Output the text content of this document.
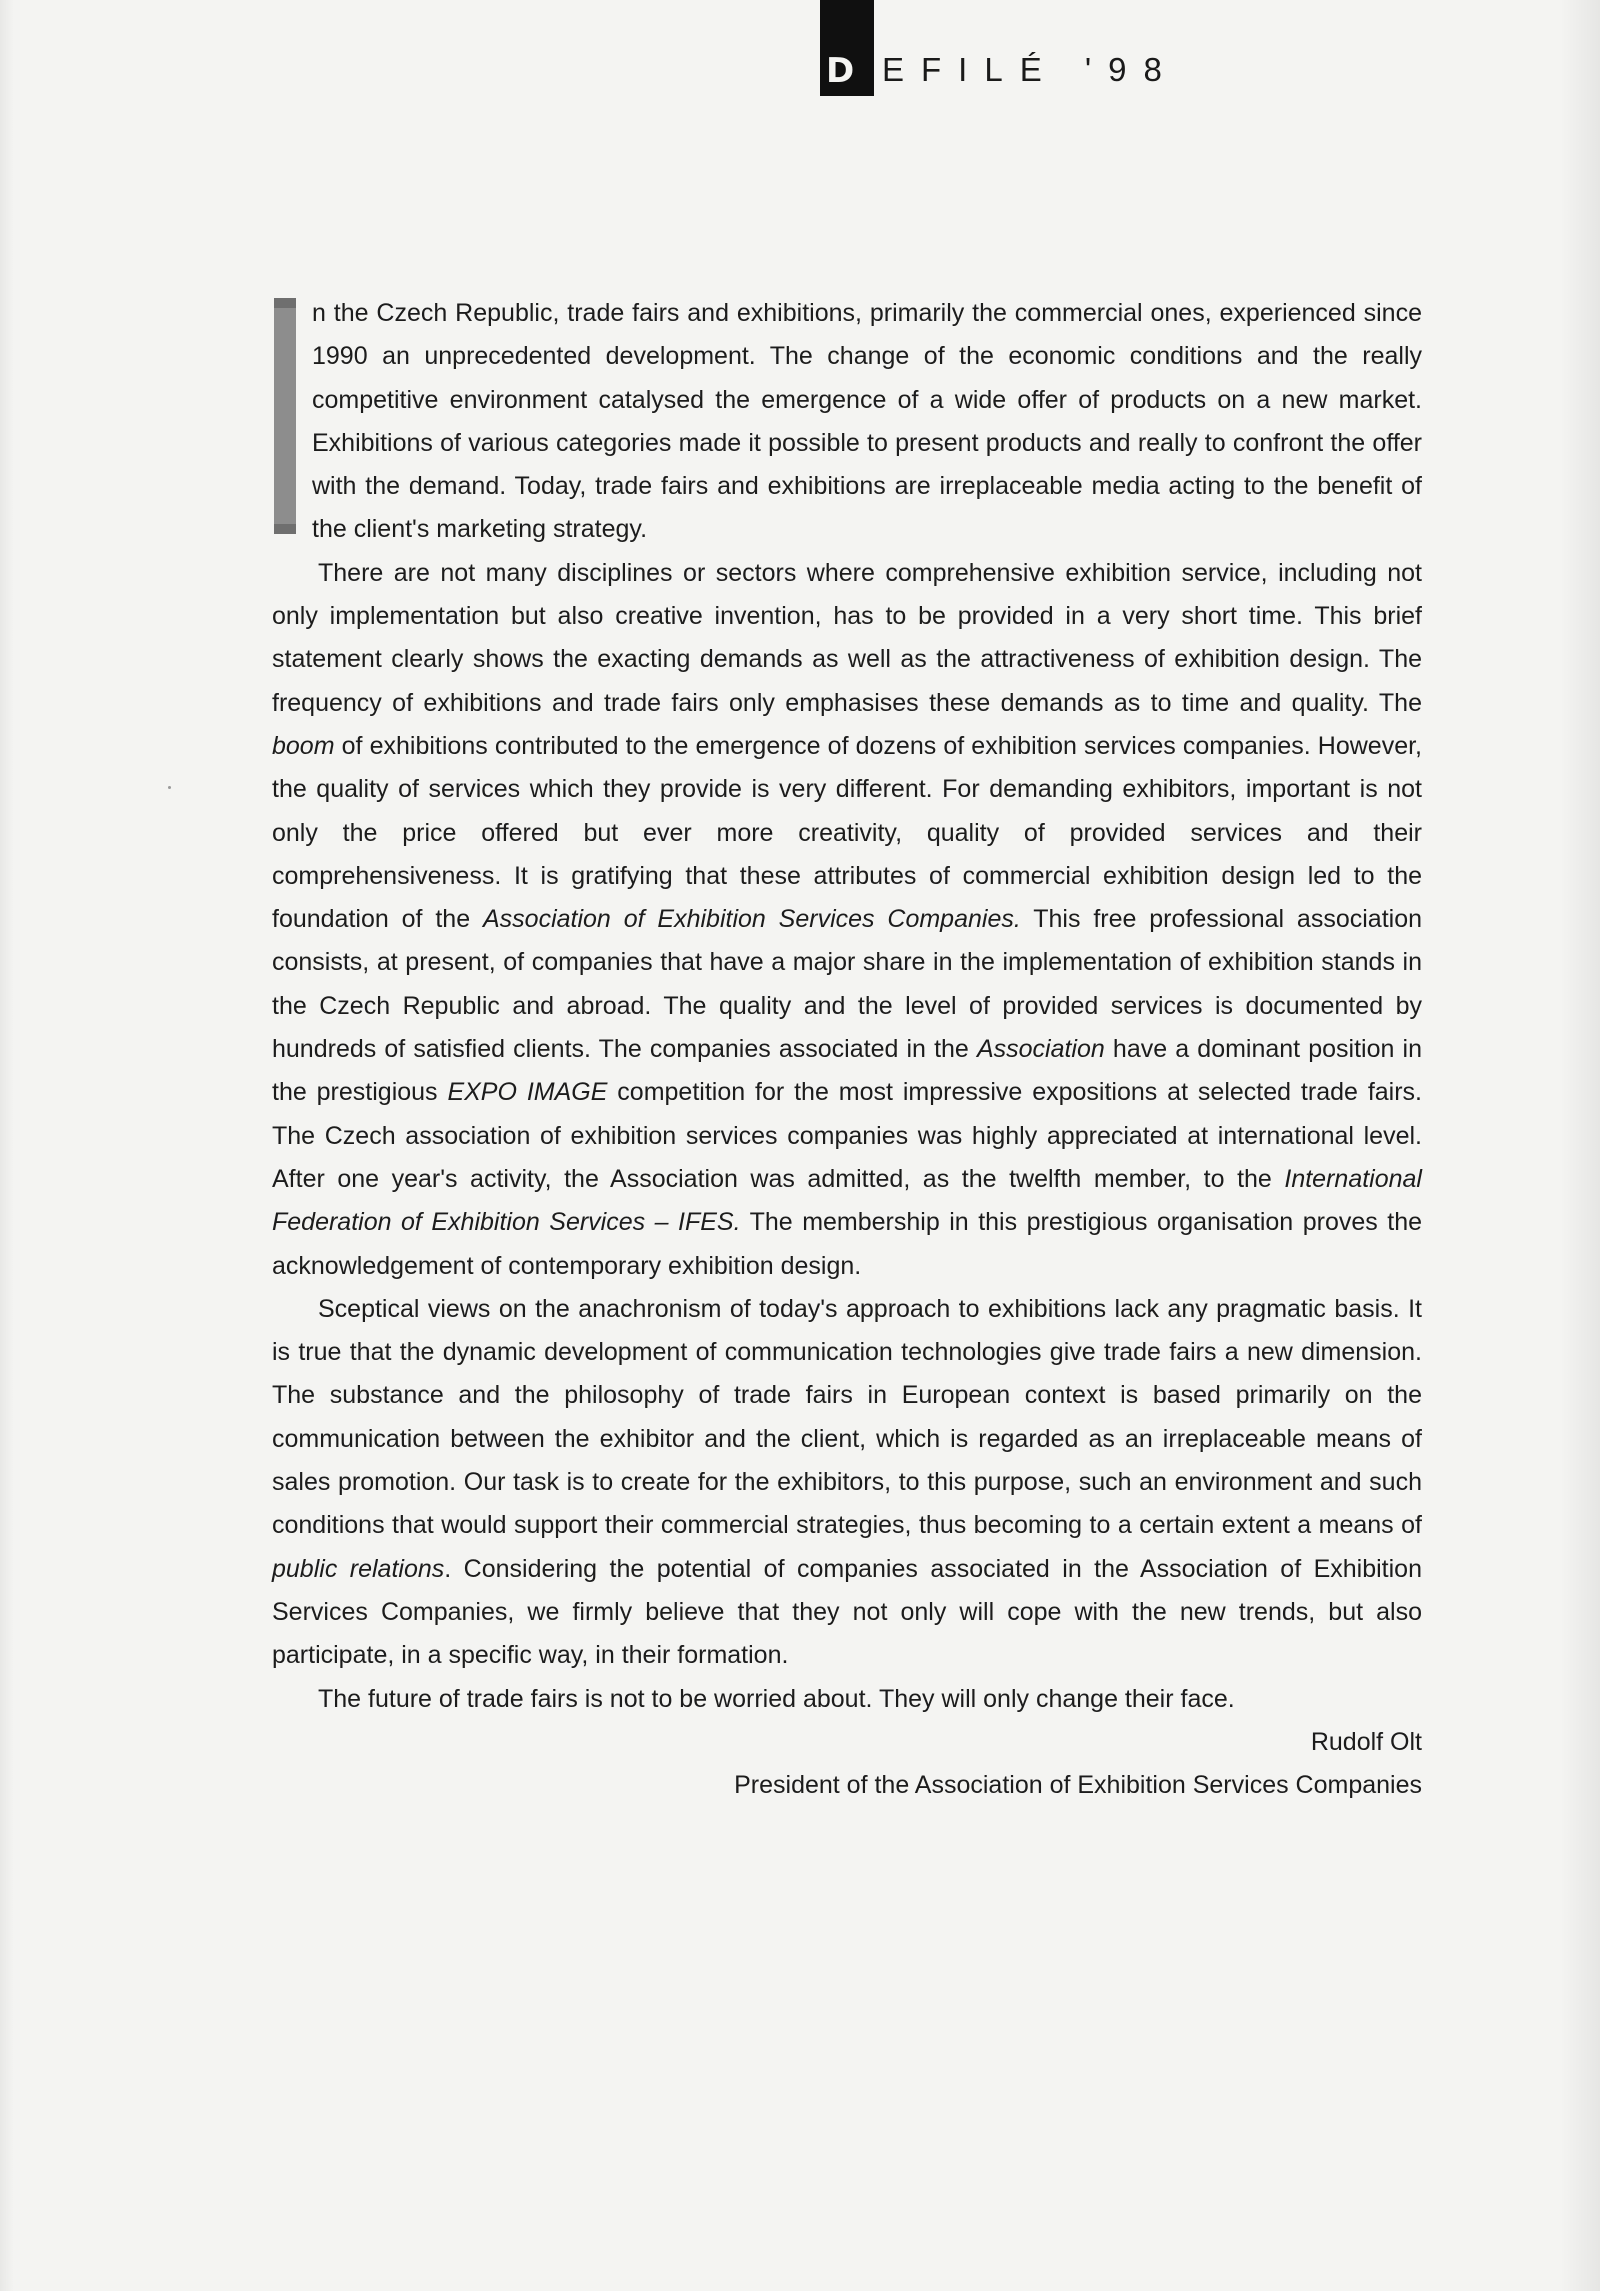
D EFILÉ '98

n the Czech Republic, trade fairs and exhibitions, primarily the commercial ones, experienced since 1990 an unprecedented development. The change of the economic conditions and the really competitive environment catalysed the emergence of a wide offer of products on a new market. Exhibitions of various categories made it possible to present products and really to confront the offer with the demand. Today, trade fairs and exhibitions are irreplaceable media acting to the benefit of the client's marketing strategy.

There are not many disciplines or sectors where comprehensive exhibition service, including not only implementation but also creative invention, has to be provided in a very short time. This brief statement clearly shows the exacting demands as well as the attractiveness of exhibition design. The frequency of exhibitions and trade fairs only emphasises these demands as to time and quality. The boom of exhibitions contributed to the emergence of dozens of exhibition services companies. However, the quality of services which they provide is very different. For demanding exhibitors, important is not only the price offered but ever more creativity, quality of provided services and their comprehensiveness. It is gratifying that these attributes of commercial exhibition design led to the foundation of the Association of Exhibition Services Companies. This free professional association consists, at present, of companies that have a major share in the implementation of exhibition stands in the Czech Republic and abroad. The quality and the level of provided services is documented by hundreds of satisfied clients. The companies associated in the Association have a dominant position in the prestigious EXPO IMAGE competition for the most impressive expositions at selected trade fairs. The Czech association of exhibition services companies was highly appreciated at international level. After one year's activity, the Association was admitted, as the twelfth member, to the International Federation of Exhibition Services – IFES. The membership in this prestigious organisation proves the acknowledgement of contemporary exhibition design.

Sceptical views on the anachronism of today's approach to exhibitions lack any pragmatic basis. It is true that the dynamic development of communication technologies give trade fairs a new dimension. The substance and the philosophy of trade fairs in European context is based primarily on the communication between the exhibitor and the client, which is regarded as an irreplaceable means of sales promotion. Our task is to create for the exhibitors, to this purpose, such an environment and such conditions that would support their commercial strategies, thus becoming to a certain extent a means of public relations. Considering the potential of companies associated in the Association of Exhibition Services Companies, we firmly believe that they not only will cope with the new trends, but also participate, in a specific way, in their formation.

The future of trade fairs is not to be worried about. They will only change their face.

Rudolf Olt

President of the Association of Exhibition Services Companies
